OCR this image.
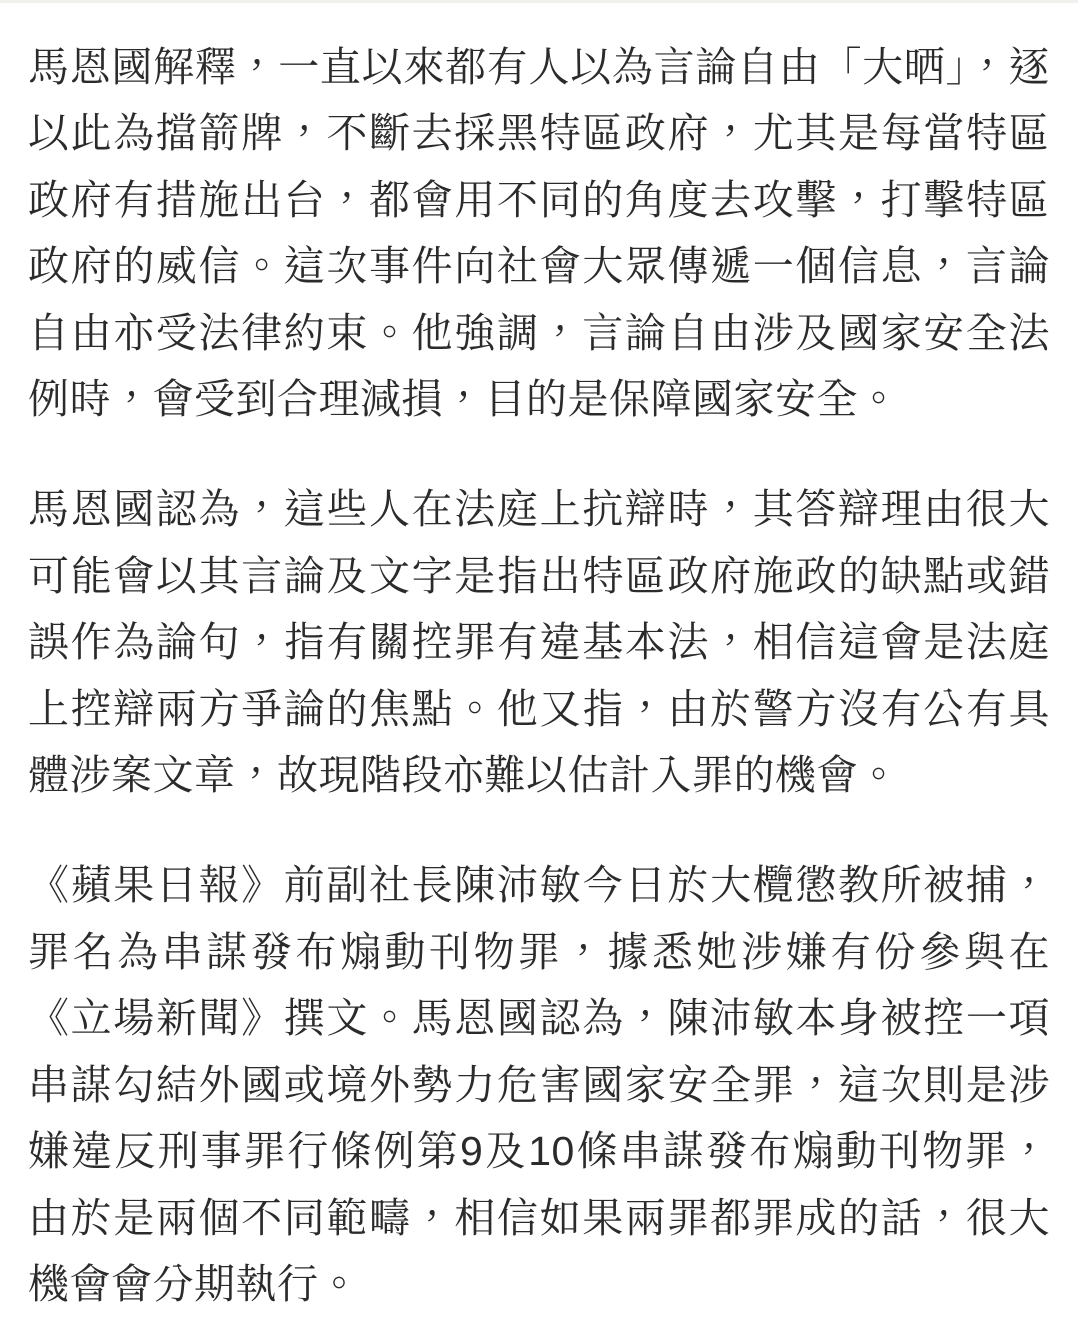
馬恩國解釋，一直以來都有人以為言論自由「大晒」，逐以此為擋箭牌，不斷去採黑特區政府，尤其是每當特區政府有措施出台，都會用不同的角度去攻擊，打擊特區政府的威信。這次事件向社會大眾傳遞一個信息，言論自由亦受法律約束。他強調，言論自由涉及國家安全法例時，會受到合理減損，目的是保障國家安全。

馬恩國認為，這些人在法庭上抗辯時，其答辯理由很大可能會以其言論及文字是指出特區政府施政的缺點或錯誤作為論句，指有關控罪有違基本法，相信這會是法庭上控辯兩方爭論的焦點。他又指，由於警方沒有公有具體涉案文章，故現階段亦難以估計入罪的機會。

《蘋果日報》前副社長陳沛敏今日於大欖懲教所被捕，罪名為串謀發布煽動刊物罪，據悉她涉嫌有份參與在《立場新聞》撰文。馬恩國認為，陳沛敏本身被控一項串謀勾結外國或境外勢力危害國家安全罪，這次則是涉嫌違反刑事罪行條例第9及10條串謀發布煽動刊物罪，由於是兩個不同範疇，相信如果兩罪都罪成的話，很大機會會分期執行。
